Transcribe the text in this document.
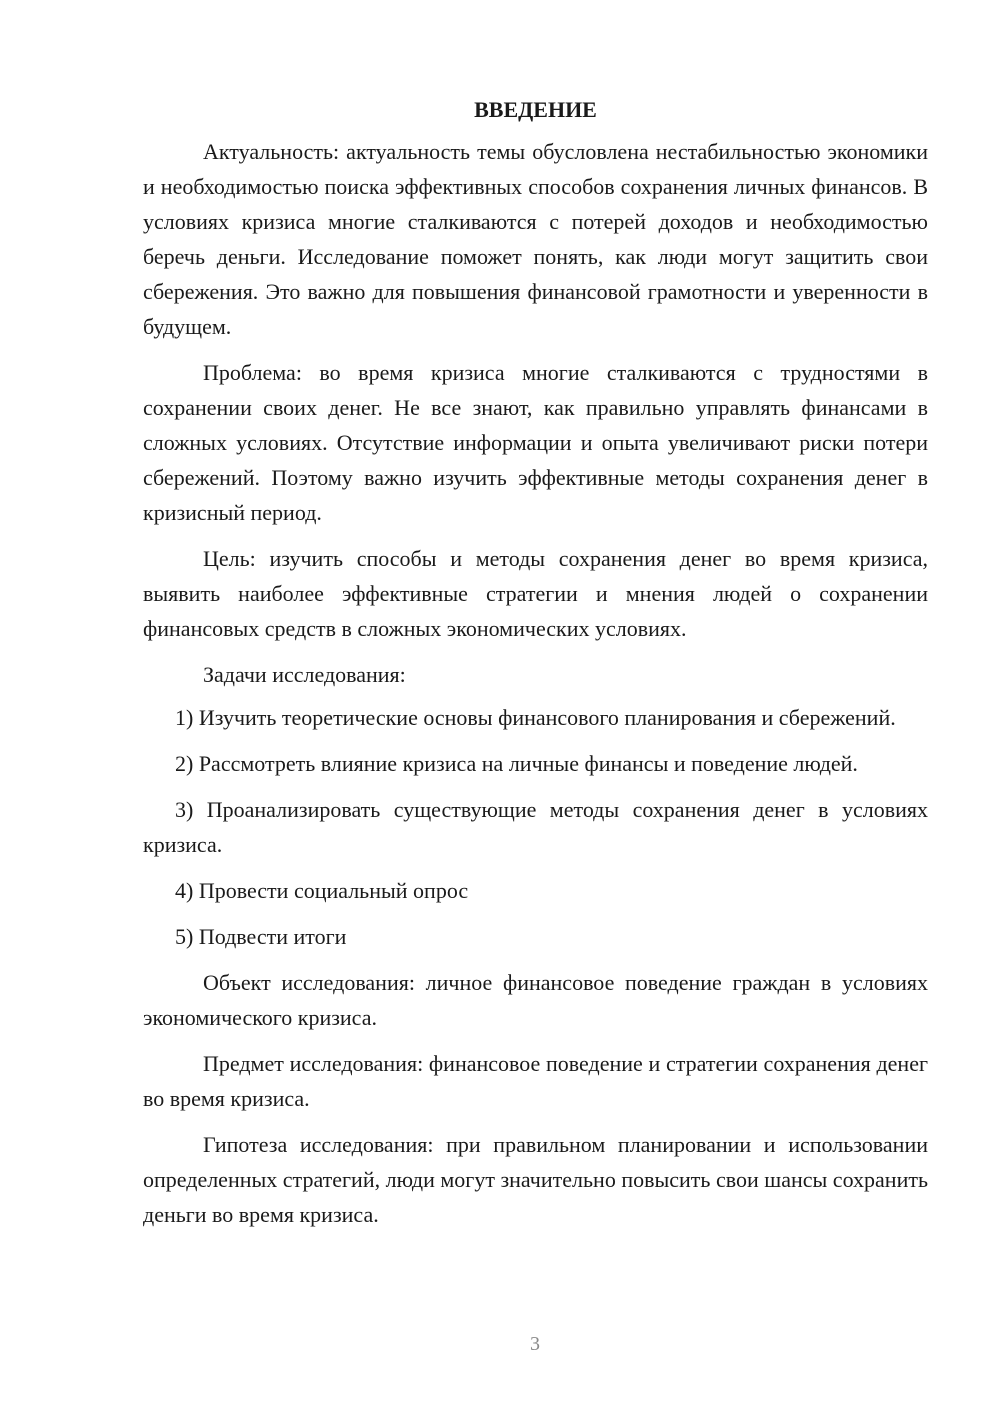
ВВЕДЕНИЕ

Актуальность: актуальность темы обусловлена нестабильностью экономики и необходимостью поиска эффективных способов сохранения личных финансов. В условиях кризиса многие сталкиваются с потерей доходов и необходимостью беречь деньги. Исследование поможет понять, как люди могут защитить свои сбережения. Это важно для повышения финансовой грамотности и уверенности в будущем.

Проблема: во время кризиса многие сталкиваются с трудностями в сохранении своих денег. Не все знают, как правильно управлять финансами в сложных условиях. Отсутствие информации и опыта увеличивают риски потери сбережений. Поэтому важно изучить эффективные методы сохранения денег в кризисный период.

Цель: изучить способы и методы сохранения денег во время кризиса, выявить наиболее эффективные стратегии и мнения людей о сохранении финансовых средств в сложных экономических условиях.

Задачи исследования:

1) Изучить теоретические основы финансового планирования и сбережений.

2) Рассмотреть влияние кризиса на личные финансы и поведение людей.

3) Проанализировать существующие методы сохранения денег в условиях кризиса.

4) Провести социальный опрос

5) Подвести итоги

Объект исследования: личное финансовое поведение граждан в условиях экономического кризиса.

Предмет исследования: финансовое поведение и стратегии сохранения денег во время кризиса.

Гипотеза исследования: при правильном планировании и использовании определенных стратегий, люди могут значительно повысить свои шансы сохранить деньги во время кризиса.

3
